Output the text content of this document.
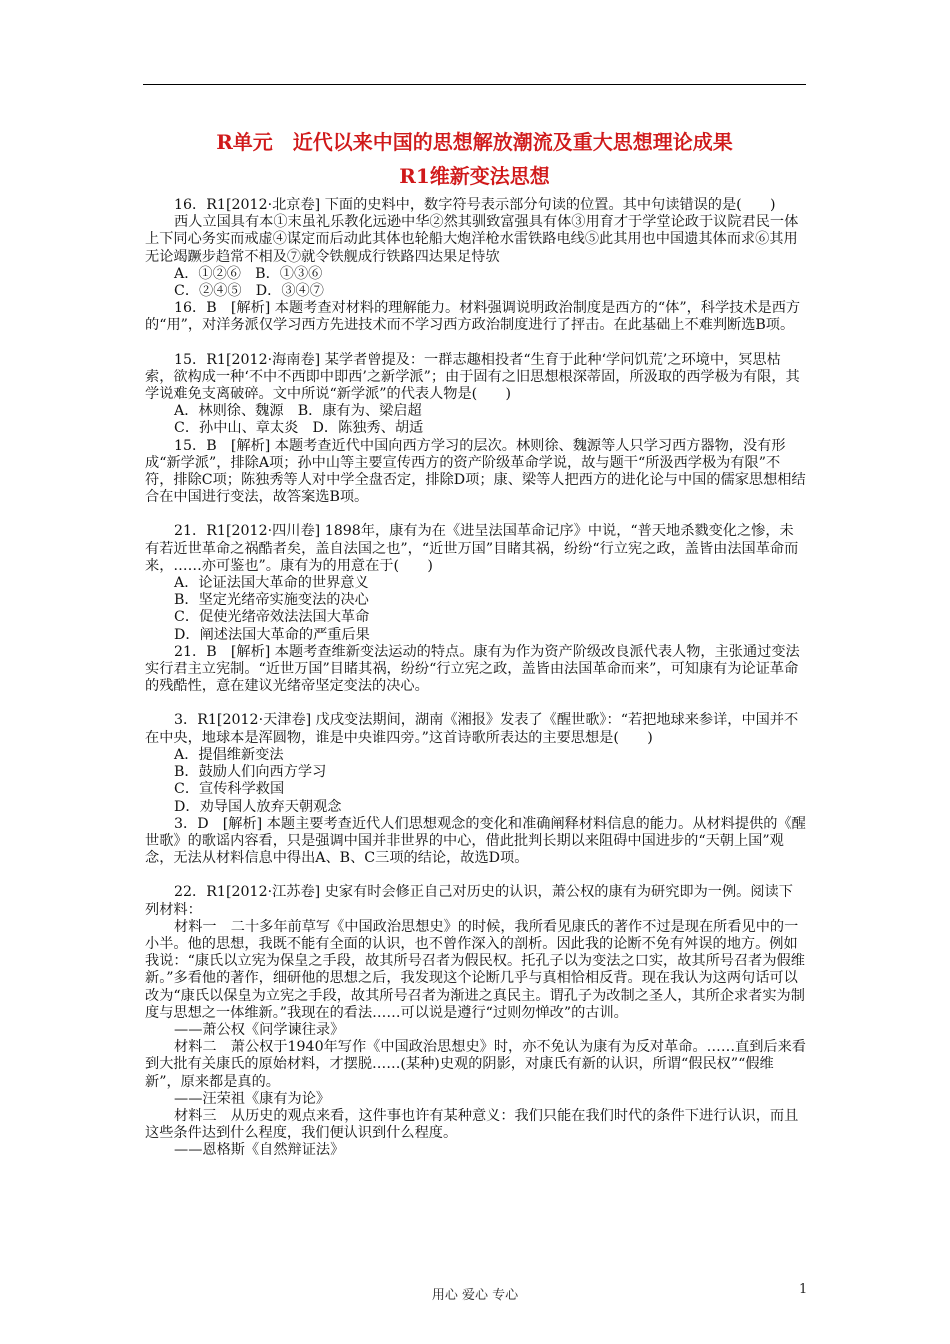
R单元　近代以来中国的思想解放潮流及重大思想理论成果
R1维新变法思想

16．R1[2012·北京卷] 下面的史料中，数字符号表示部分句读的位置。其中句读错误的是(　　)

西人立国具有本①末虽礼乐教化远逊中华②然其驯致富强具有体③用育才于学堂论政于议院君民一体上下同心务实而戒虚④谋定而后动此其体也轮船大炮洋枪水雷铁路电线⑤此其用也中国遗其体而求⑥其用无论竭蹶步趋常不相及⑦就令铁舰成行铁路四达果足恃欤

A．①②⑥　B．①③⑥

C．②④⑤　D．③④⑦

16．B　[解析] 本题考查对材料的理解能力。材料强调说明政治制度是西方的“体”，科学技术是西方的“用”，对洋务派仅学习西方先进技术而不学习西方政治制度进行了抨击。在此基础上不难判断选B项。

15．R1[2012·海南卷] 某学者曾提及：一群志趣相投者“生育于此种‘学问饥荒’之环境中，冥思枯索，欲构成一种‘不中不西即中即西’之新学派”；由于固有之旧思想根深蒂固，所汲取的西学极为有限，其学说难免支离破碎。文中所说“新学派”的代表人物是(　　)

A．林则徐、魏源　B．康有为、梁启超

C．孙中山、章太炎　D．陈独秀、胡适

15．B　[解析] 本题考查近代中国向西方学习的层次。林则徐、魏源等人只学习西方器物，没有形成“新学派”，排除A项；孙中山等主要宣传西方的资产阶级革命学说，故与题干“所汲西学极为有限”不符，排除C项；陈独秀等人对中学全盘否定，排除D项；康、梁等人把西方的进化论与中国的儒家思想相结合在中国进行变法，故答案选B项。

21．R1[2012·四川卷] 1898年，康有为在《进呈法国革命记序》中说，“普天地杀戮变化之惨，未有若近世革命之祸酷者矣，盖自法国之也”，“近世万国”目睹其祸，纷纷“行立宪之政，盖皆由法国革命而来，……亦可鉴也”。康有为的用意在于(　　)

A．论证法国大革命的世界意义

B．坚定光绪帝实施变法的决心

C．促使光绪帝效法法国大革命

D．阐述法国大革命的严重后果

21．B　[解析] 本题考查维新变法运动的特点。康有为作为资产阶级改良派代表人物，主张通过变法实行君主立宪制。“近世万国”目睹其祸，纷纷“行立宪之政，盖皆由法国革命而来”，可知康有为论证革命的残酷性，意在建议光绪帝坚定变法的决心。

3．R1[2012·天津卷] 戊戌变法期间，湖南《湘报》发表了《醒世歌》：“若把地球来参详，中国并不在中央，地球本是浑圆物，谁是中央谁四旁。”这首诗歌所表达的主要思想是(　　)

A．提倡维新变法

B．鼓励人们向西方学习

C．宣传科学救国

D．劝导国人放弃天朝观念

3．D　[解析] 本题主要考查近代人们思想观念的变化和准确阐释材料信息的能力。从材料提供的《醒世歌》的歌谣内容看，只是强调中国并非世界的中心，借此批判长期以来阻碍中国进步的“天朝上国”观念，无法从材料信息中得出A、B、C三项的结论，故选D项。

22．R1[2012·江苏卷] 史家有时会修正自己对历史的认识，萧公权的康有为研究即为一例。阅读下列材料：

材料一　二十多年前草写《中国政治思想史》的时候，我所看见康氏的著作不过是现在所看见中的一小半。他的思想，我既不能有全面的认识，也不曾作深入的剖析。因此我的论断不免有舛误的地方。例如我说：“康氏以立宪为保皇之手段，故其所号召者为假民权。托孔子以为变法之口实，故其所号召者为假维新。”多看他的著作，细研他的思想之后，我发现这个论断几乎与真相恰相反背。现在我认为这两句话可以改为“康氏以保皇为立宪之手段，故其所号召者为渐进之真民主。谓孔子为改制之圣人，其所企求者实为制度与思想之一体维新。”我现在的看法……可以说是遵行“过则勿惮改”的古训。

——萧公权《问学谏往录》

材料二　萧公权于1940年写作《中国政治思想史》时，亦不免认为康有为反对革命。……直到后来看到大批有关康氏的原始材料，才摆脱……(某种)史观的阴影，对康氏有新的认识，所谓“假民权”“假维新”，原来都是真的。

——汪荣祖《康有为论》

材料三　从历史的观点来看，这件事也许有某种意义：我们只能在我们时代的条件下进行认识，而且这些条件达到什么程度，我们便认识到什么程度。

——恩格斯《自然辩证法》

用心 爱心 专心	1
